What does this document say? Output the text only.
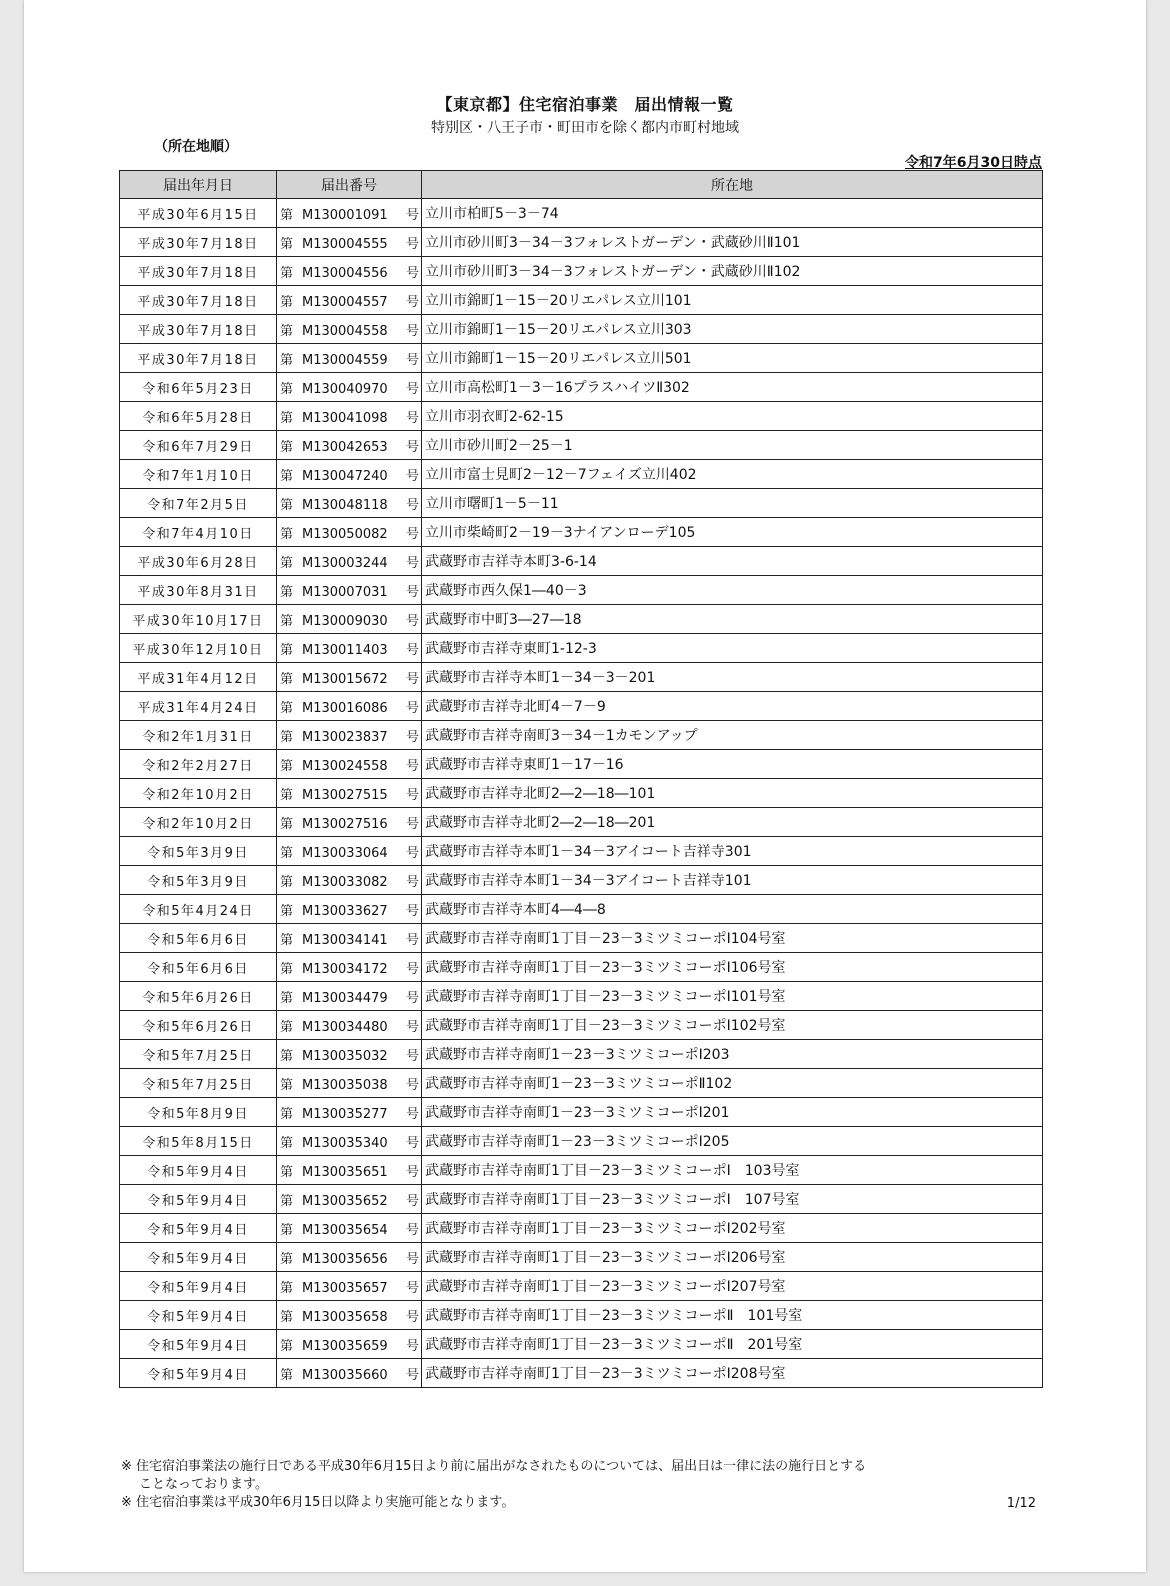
【東京都】住宅宿泊事業　届出情報一覧
特別区・八王子市・町田市を除く都内市町村地域
（所在地順）
令和7年6月30日時点
届出年月日	届出番号	所在地
平成30年6月15日	第 M130001091 号	立川市柏町5－3－74
平成30年7月18日	第 M130004555 号	立川市砂川町3－34－3フォレストガーデン・武蔵砂川Ⅱ101
平成30年7月18日	第 M130004556 号	立川市砂川町3－34－3フォレストガーデン・武蔵砂川Ⅱ102
平成30年7月18日	第 M130004557 号	立川市錦町1－15－20リエパレス立川101
平成30年7月18日	第 M130004558 号	立川市錦町1－15－20リエパレス立川303
平成30年7月18日	第 M130004559 号	立川市錦町1－15－20リエパレス立川501
令和6年5月23日	第 M130040970 号	立川市高松町1－3－16プラスハイツⅡ302
令和6年5月28日	第 M130041098 号	立川市羽衣町2-62-15
令和6年7月29日	第 M130042653 号	立川市砂川町2－25－1
令和7年1月10日	第 M130047240 号	立川市富士見町2－12－7フェイズ立川402
令和7年2月5日	第 M130048118 号	立川市曙町1－5－11
令和7年4月10日	第 M130050082 号	立川市柴崎町2－19－3ナイアンローデ105
平成30年6月28日	第 M130003244 号	武蔵野市吉祥寺本町3-6-14
平成30年8月31日	第 M130007031 号	武蔵野市西久保1―40－3
平成30年10月17日	第 M130009030 号	武蔵野市中町3―27―18
平成30年12月10日	第 M130011403 号	武蔵野市吉祥寺東町1-12-3
平成31年4月12日	第 M130015672 号	武蔵野市吉祥寺本町1－34－3－201
平成31年4月24日	第 M130016086 号	武蔵野市吉祥寺北町4－7－9
令和2年1月31日	第 M130023837 号	武蔵野市吉祥寺南町3－34－1カモンアップ
令和2年2月27日	第 M130024558 号	武蔵野市吉祥寺東町1－17－16
令和2年10月2日	第 M130027515 号	武蔵野市吉祥寺北町2―2―18―101
令和2年10月2日	第 M130027516 号	武蔵野市吉祥寺北町2―2―18―201
令和5年3月9日	第 M130033064 号	武蔵野市吉祥寺本町1－34－3アイコート吉祥寺301
令和5年3月9日	第 M130033082 号	武蔵野市吉祥寺本町1－34－3アイコート吉祥寺101
令和5年4月24日	第 M130033627 号	武蔵野市吉祥寺本町4―4―8
令和5年6月6日	第 M130034141 号	武蔵野市吉祥寺南町1丁目－23－3ミツミコーポⅠ104号室
令和5年6月6日	第 M130034172 号	武蔵野市吉祥寺南町1丁目－23－3ミツミコーポⅠ106号室
令和5年6月26日	第 M130034479 号	武蔵野市吉祥寺南町1丁目－23－3ミツミコーポⅠ101号室
令和5年6月26日	第 M130034480 号	武蔵野市吉祥寺南町1丁目－23－3ミツミコーポⅠ102号室
令和5年7月25日	第 M130035032 号	武蔵野市吉祥寺南町1－23－3ミツミコーポⅠ203
令和5年7月25日	第 M130035038 号	武蔵野市吉祥寺南町1－23－3ミツミコーポⅡ102
令和5年8月9日	第 M130035277 号	武蔵野市吉祥寺南町1－23－3ミツミコーポⅠ201
令和5年8月15日	第 M130035340 号	武蔵野市吉祥寺南町1－23－3ミツミコーポⅠ205
令和5年9月4日	第 M130035651 号	武蔵野市吉祥寺南町1丁目－23－3ミツミコーポⅠ　103号室
令和5年9月4日	第 M130035652 号	武蔵野市吉祥寺南町1丁目－23－3ミツミコーポⅠ　107号室
令和5年9月4日	第 M130035654 号	武蔵野市吉祥寺南町1丁目－23－3ミツミコーポⅠ202号室
令和5年9月4日	第 M130035656 号	武蔵野市吉祥寺南町1丁目－23－3ミツミコーポⅠ206号室
令和5年9月4日	第 M130035657 号	武蔵野市吉祥寺南町1丁目－23－3ミツミコーポⅠ207号室
令和5年9月4日	第 M130035658 号	武蔵野市吉祥寺南町1丁目－23－3ミツミコーポⅡ　101号室
令和5年9月4日	第 M130035659 号	武蔵野市吉祥寺南町1丁目－23－3ミツミコーポⅡ　201号室
令和5年9月4日	第 M130035660 号	武蔵野市吉祥寺南町1丁目－23－3ミツミコーポⅠ208号室
※ 住宅宿泊事業法の施行日である平成30年6月15日より前に届出がなされたものについては、届出日は一律に法の施行日とする
ことなっております。
※ 住宅宿泊事業は平成30年6月15日以降より実施可能となります。	1/12
